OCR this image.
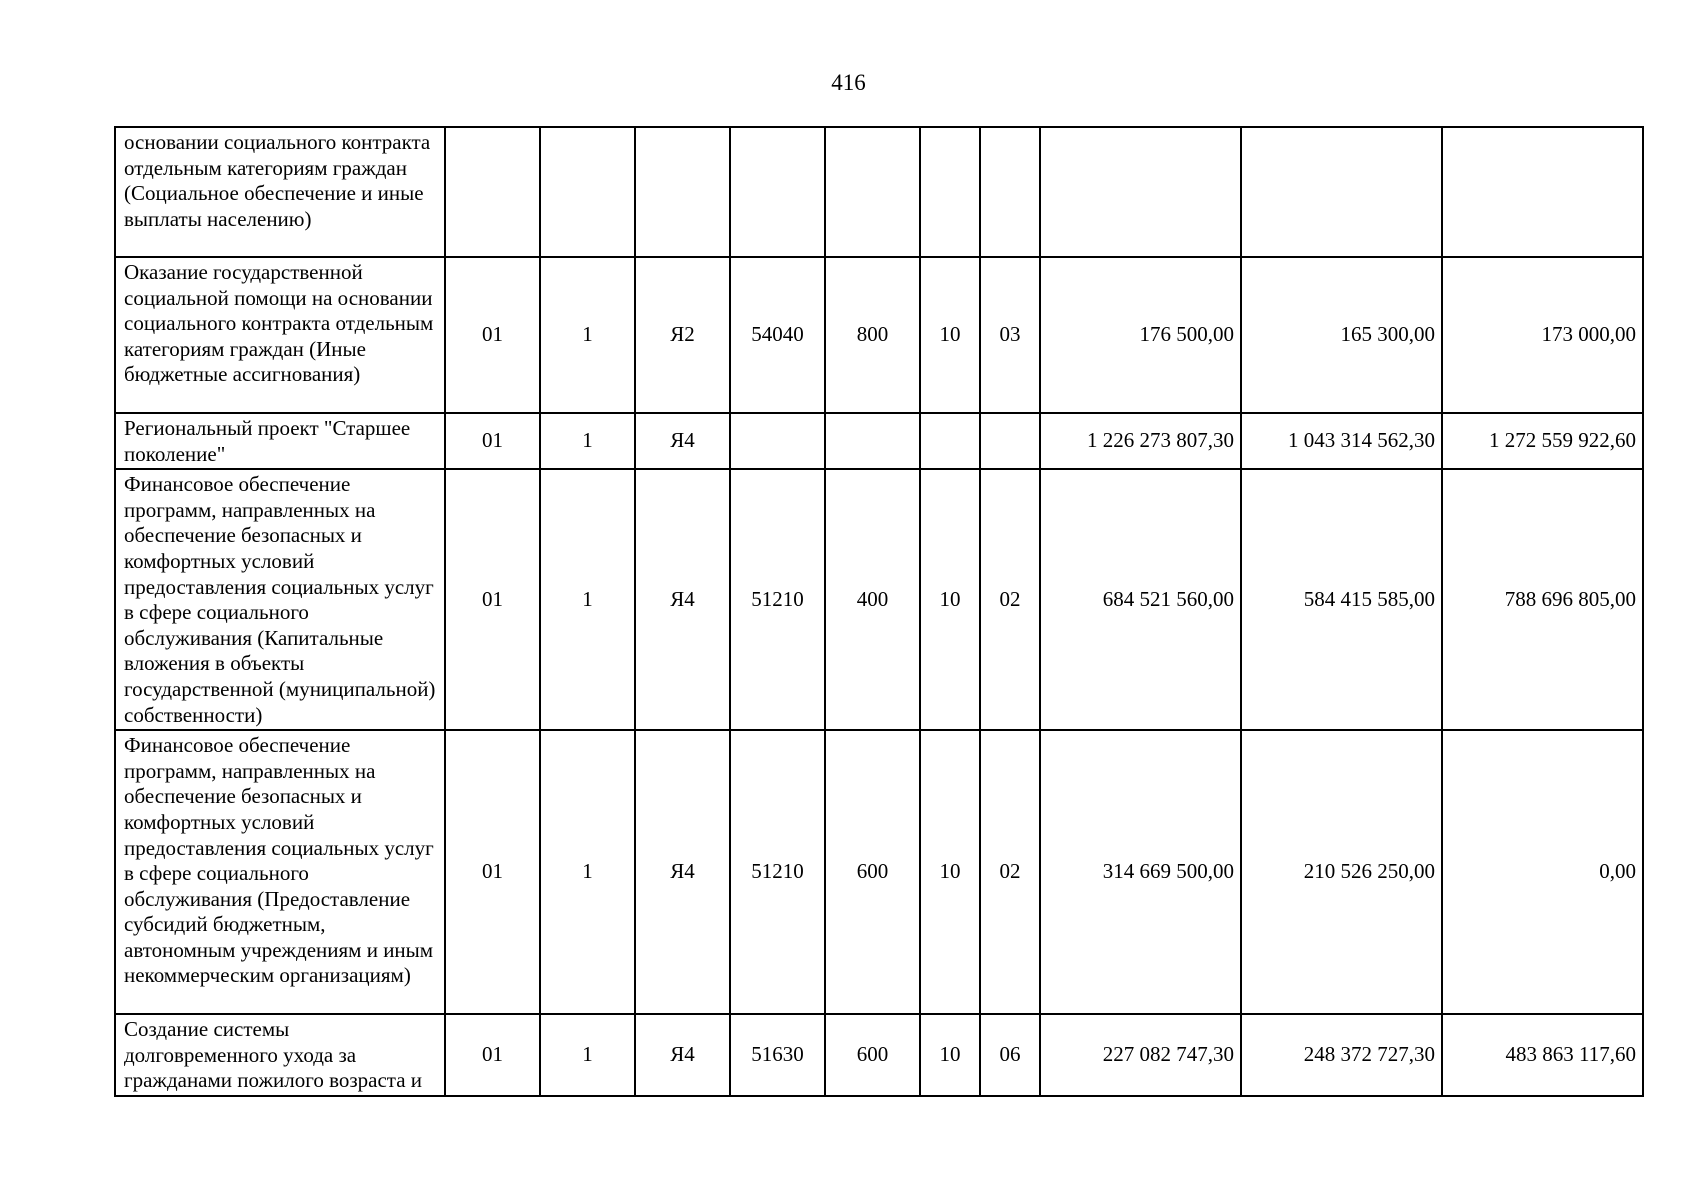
416
основании социального контракта отдельным категориям граждан (Социальное обеспечение и иные выплаты населению)										
Оказание государственной социальной помощи на основании социального контракта отдельным категориям граждан (Иные бюджетные ассигнования)	01	1	Я2	54040	800	10	03	176 500,00	165 300,00	173 000,00
Региональный проект "Старшее поколение"	01	1	Я4					1 226 273 807,30	1 043 314 562,30	1 272 559 922,60
Финансовое обеспечение программ, направленных на обеспечение безопасных и комфортных условий предоставления социальных услуг в сфере социального обслуживания (Капитальные вложения в объекты государственной (муниципальной) собственности)	01	1	Я4	51210	400	10	02	684 521 560,00	584 415 585,00	788 696 805,00
Финансовое обеспечение программ, направленных на обеспечение безопасных и комфортных условий предоставления социальных услуг в сфере социального обслуживания (Предоставление субсидий бюджетным, автономным учреждениям и иным некоммерческим организациям)	01	1	Я4	51210	600	10	02	314 669 500,00	210 526 250,00	0,00
Создание системы долговременного ухода за гражданами пожилого возраста и	01	1	Я4	51630	600	10	06	227 082 747,30	248 372 727,30	483 863 117,60
